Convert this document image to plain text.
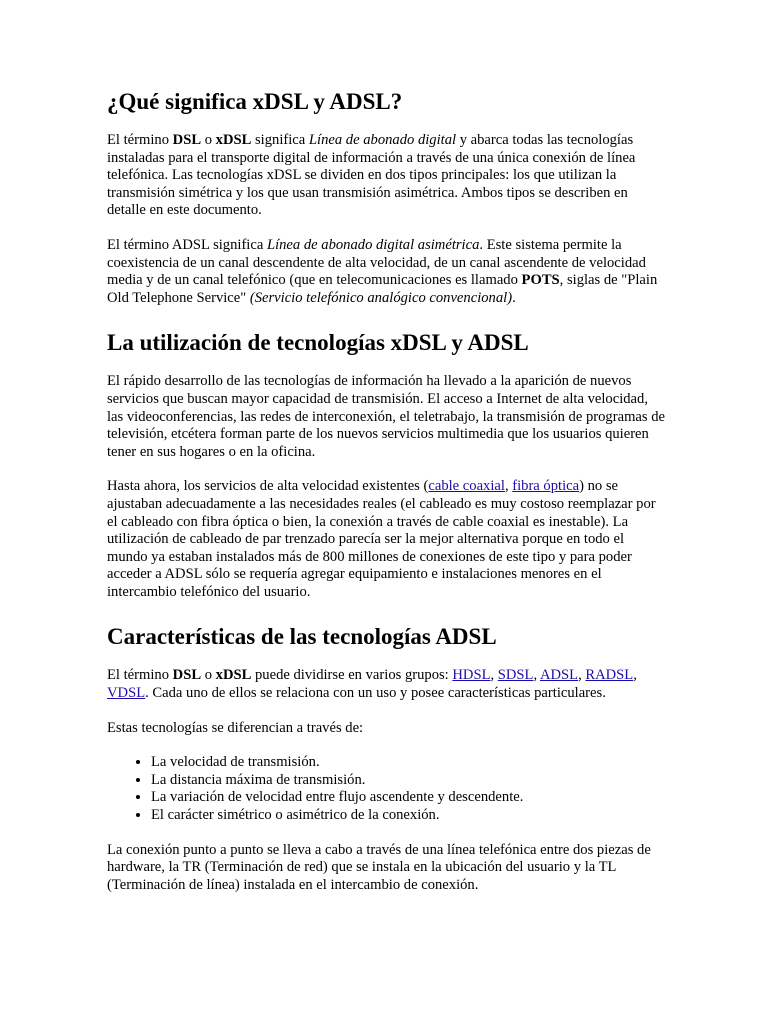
¿Qué significa xDSL y ADSL?

El término DSL o xDSL significa Línea de abonado digital y abarca todas las tecnologías instaladas para el transporte digital de información a través de una única conexión de línea telefónica. Las tecnologías xDSL se dividen en dos tipos principales: los que utilizan la transmisión simétrica y los que usan transmisión asimétrica. Ambos tipos se describen en detalle en este documento.

El término ADSL significa Línea de abonado digital asimétrica. Este sistema permite la coexistencia de un canal descendente de alta velocidad, de un canal ascendente de velocidad media y de un canal telefónico (que en telecomunicaciones es llamado POTS, siglas de "Plain Old Telephone Service" (Servicio telefónico analógico convencional).

La utilización de tecnologías xDSL y ADSL

El rápido desarrollo de las tecnologías de información ha llevado a la aparición de nuevos servicios que buscan mayor capacidad de transmisión. El acceso a Internet de alta velocidad, las videoconferencias, las redes de interconexión, el teletrabajo, la transmisión de programas de televisión, etcétera forman parte de los nuevos servicios multimedia que los usuarios quieren tener en sus hogares o en la oficina.

Hasta ahora, los servicios de alta velocidad existentes (cable coaxial, fibra óptica) no se ajustaban adecuadamente a las necesidades reales (el cableado es muy costoso reemplazar por el cableado con fibra óptica o bien, la conexión a través de cable coaxial es inestable). La utilización de cableado de par trenzado parecía ser la mejor alternativa porque en todo el mundo ya estaban instalados más de 800 millones de conexiones de este tipo y para poder acceder a ADSL sólo se requería agregar equipamiento e instalaciones menores en el intercambio telefónico del usuario.

Características de las tecnologías ADSL

El término DSL o xDSL puede dividirse en varios grupos: HDSL, SDSL, ADSL, RADSL, VDSL. Cada uno de ellos se relaciona con un uso y posee características particulares.

Estas tecnologías se diferencian a través de:

• La velocidad de transmisión.
• La distancia máxima de transmisión.
• La variación de velocidad entre flujo ascendente y descendente.
• El carácter simétrico o asimétrico de la conexión.

La conexión punto a punto se lleva a cabo a través de una línea telefónica entre dos piezas de hardware, la TR (Terminación de red) que se instala en la ubicación del usuario y la TL (Terminación de línea) instalada en el intercambio de conexión.
